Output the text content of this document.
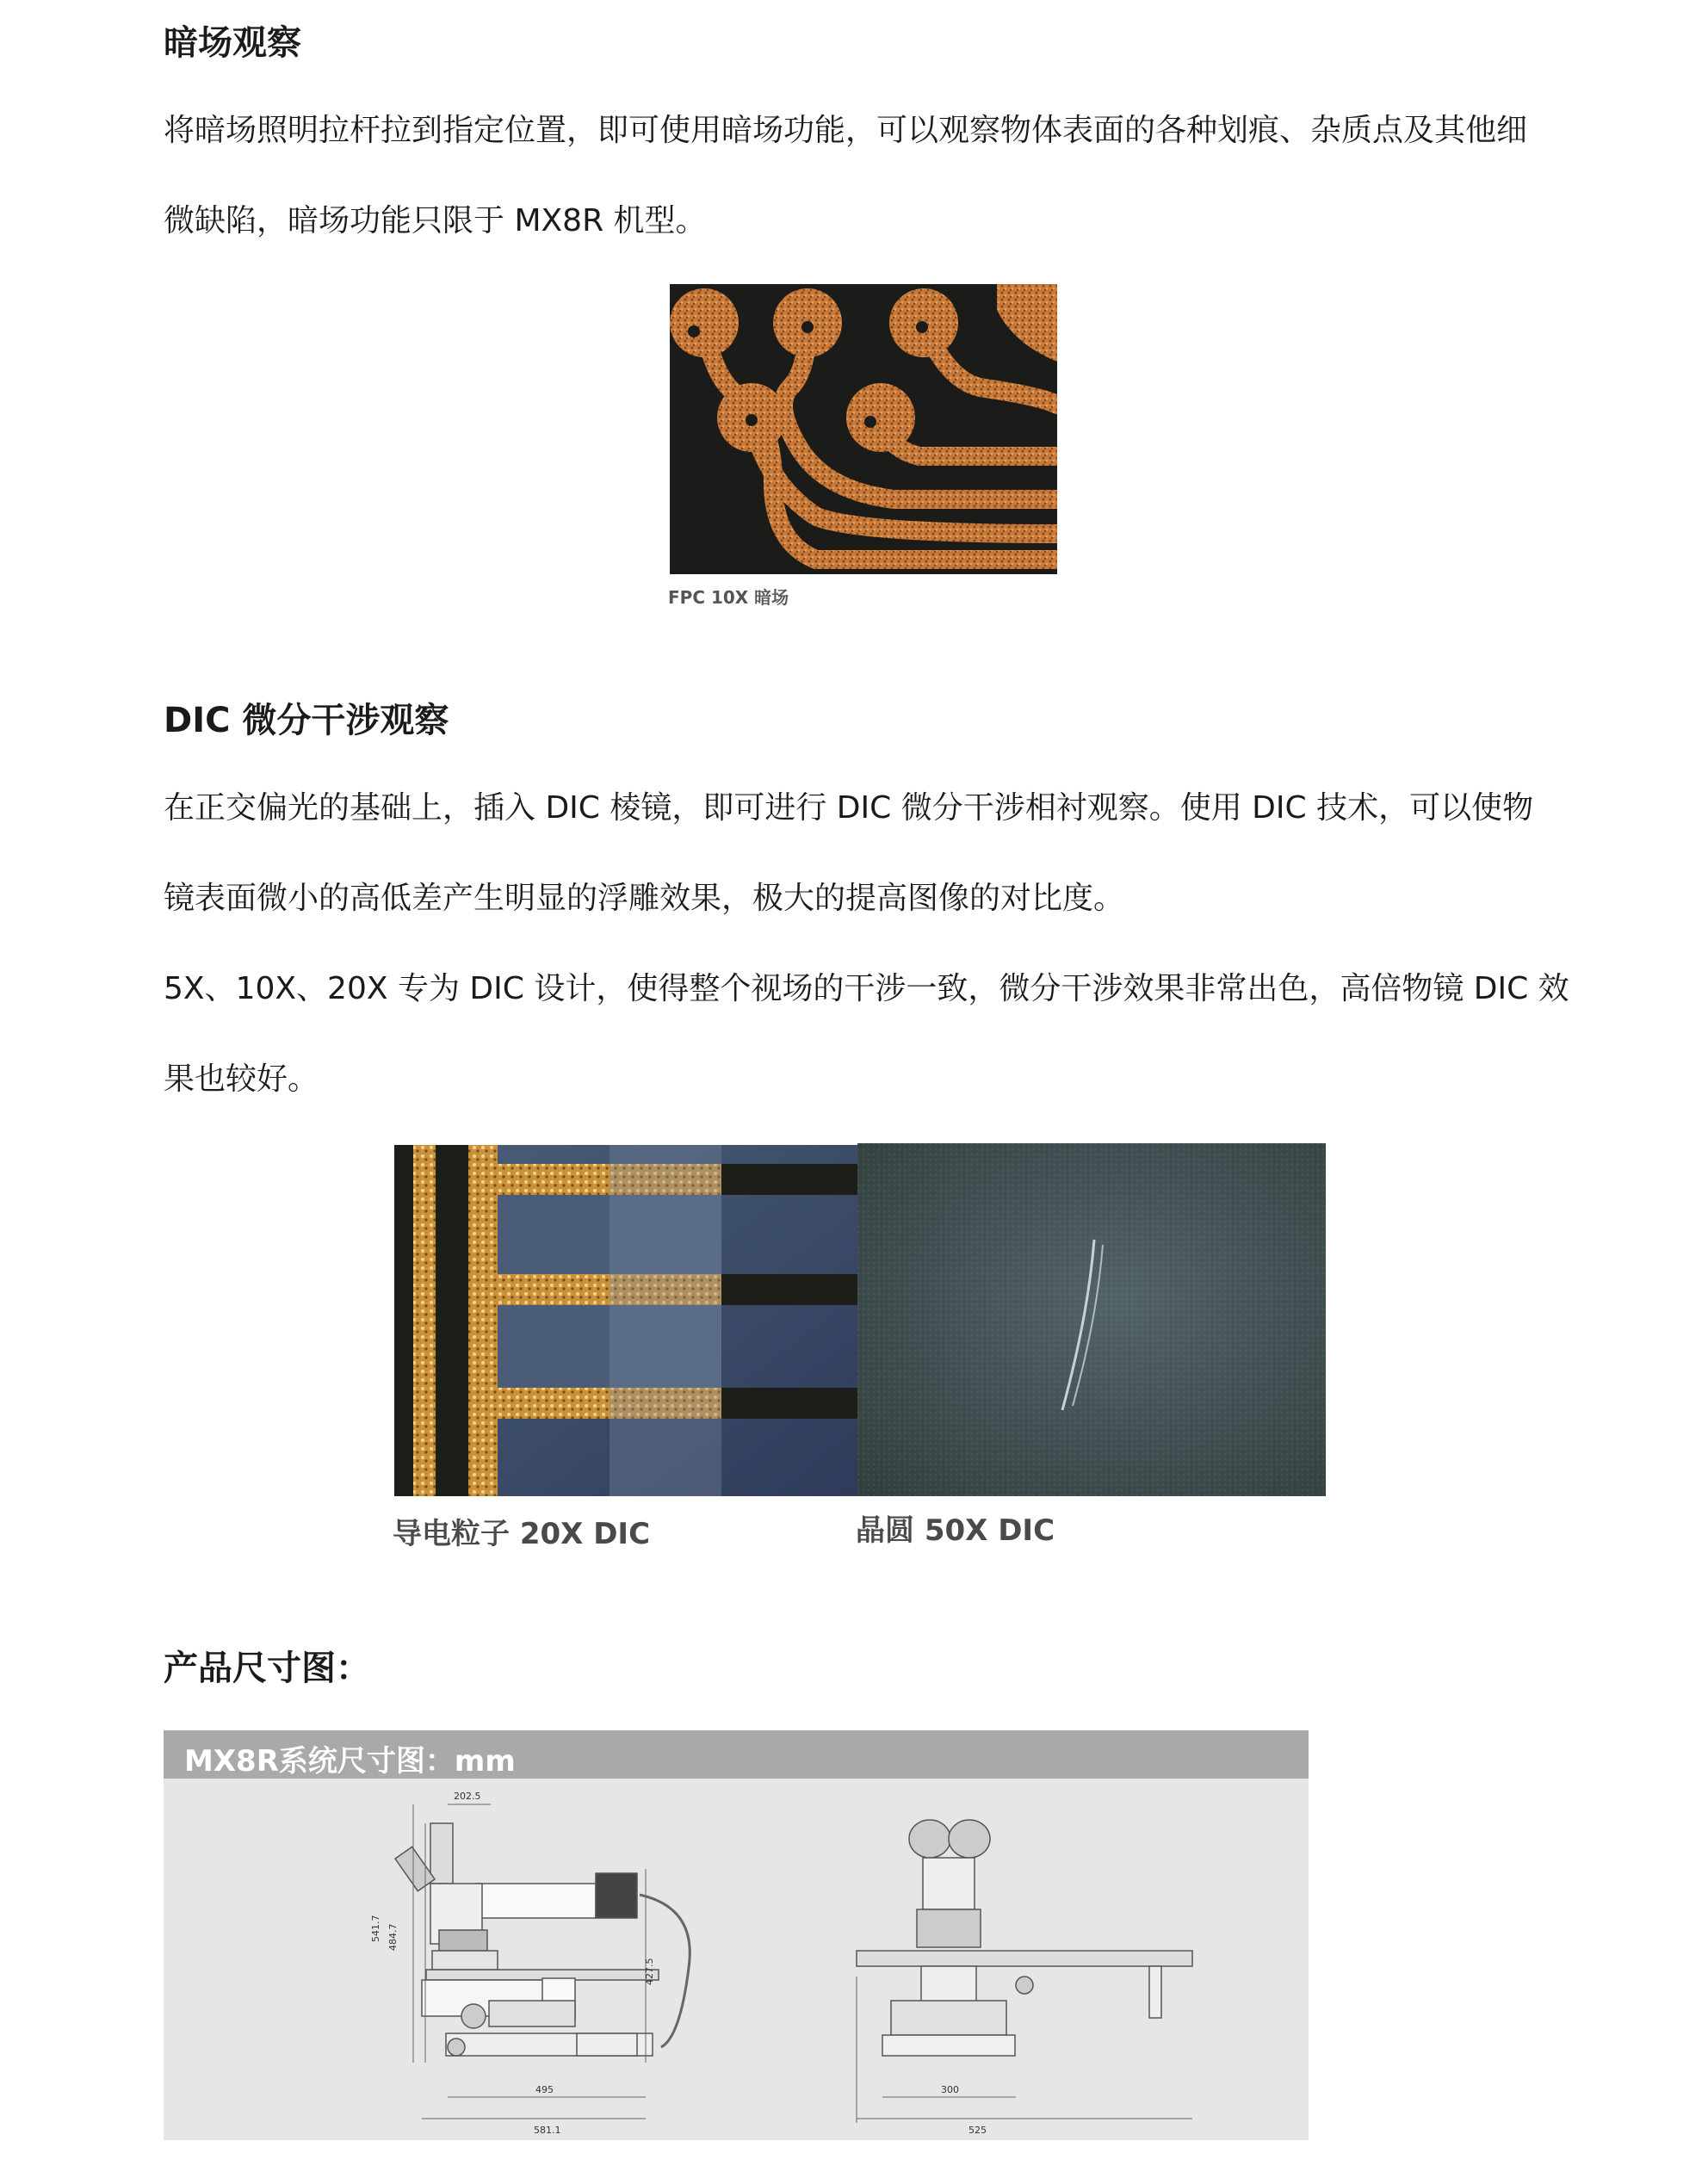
暗场观察

将暗场照明拉杆拉到指定位置，即可使用暗场功能，可以观察物体表面的各种划痕、杂质点及其他细

微缺陷，暗场功能只限于 MX8R 机型。

FPC 10X 暗场

DIC 微分干涉观察

在正交偏光的基础上，插入 DIC 棱镜，即可进行 DIC 微分干涉相衬观察。使用 DIC 技术，可以使物

镜表面微小的高低差产生明显的浮雕效果，极大的提高图像的对比度。

5X、10X、20X 专为 DIC 设计，使得整个视场的干涉一致，微分干涉效果非常出色，高倍物镜 DIC 效

果也较好。

导电粒子 20X DIC	晶圆 50X DIC

产品尺寸图：
MX8R系统尺寸图：mm
202.5
541.7 484.7
427.5
495
581.1
300
525
